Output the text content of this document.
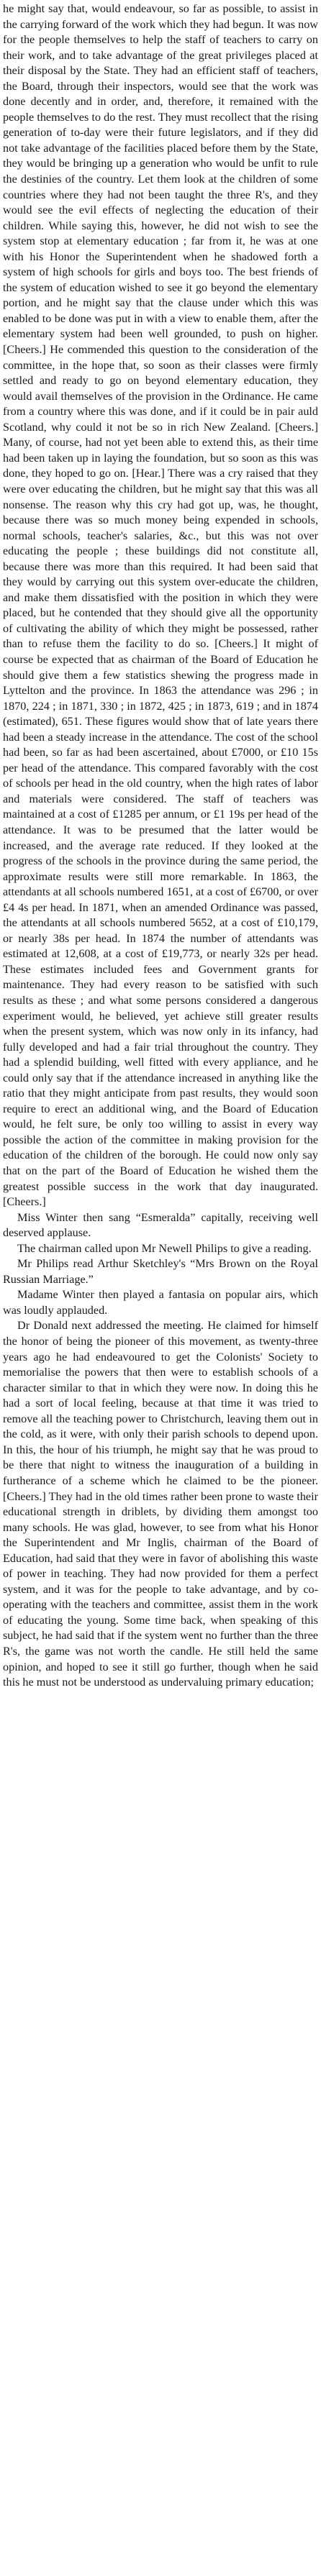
he might say that, would endeavour, so far as possible, to assist in the carrying forward of the work which they had begun. It was now for the people themselves to help the staff of teachers to carry on their work, and to take advantage of the great privileges placed at their disposal by the State. They had an efficient staff of teachers, the Board, through their inspectors, would see that the work was done decently and in order, and, therefore, it remained with the people themselves to do the rest. They must recollect that the rising generation of to-day were their future legislators, and if they did not take advantage of the facilities placed before them by the State, they would be bringing up a generation who would be unfit to rule the destinies of the country. Let them look at the children of some countries where they had not been taught the three R's, and they would see the evil effects of neglecting the education of their children. While saying this, however, he did not wish to see the system stop at elementary education ; far from it, he was at one with his Honor the Superintendent when he shadowed forth a system of high schools for girls and boys too. The best friends of the system of education wished to see it go beyond the elementary portion, and he might say that the clause under which this was enabled to be done was put in with a view to enable them, after the elementary system had been well grounded, to push on higher. [Cheers.] He commended this question to the consideration of the committee, in the hope that, so soon as their classes were firmly settled and ready to go on beyond elementary education, they would avail themselves of the provision in the Ordinance. He came from a country where this was done, and if it could be in pair auld Scotland, why could it not be so in rich New Zealand. [Cheers.] Many, of course, had not yet been able to extend this, as their time had been taken up in laying the foundation, but so soon as this was done, they hoped to go on. [Hear.] There was a cry raised that they were over educating the children, but he might say that this was all nonsense. The reason why this cry had got up, was, he thought, because there was so much money being expended in schools, normal schools, teacher's salaries, &c., but this was not over educating the people ; these buildings did not constitute all, because there was more than this required. It had been said that they would by carrying out this system over-educate the children, and make them dissatisfied with the position in which they were placed, but he contended that they should give all the opportunity of cultivating the ability of which they might be possessed, rather than to refuse them the facility to do so. [Cheers.] It might of course be expected that as chairman of the Board of Education he should give them a few statistics shewing the progress made in Lyttelton and the province. In 1863 the attendance was 296 ; in 1870, 224 ; in 1871, 330 ; in 1872, 425 ; in 1873, 619 ; and in 1874 (estimated), 651. These figures would show that of late years there had been a steady increase in the attendance. The cost of the school had been, so far as had been ascertained, about £7000, or £10 15s per head of the attendance. This compared favorably with the cost of schools per head in the old country, when the high rates of labor and materials were considered. The staff of teachers was maintained at a cost of £1285 per annum, or £1 19s per head of the attendance. It was to be presumed that the latter would be increased, and the average rate reduced. If they looked at the progress of the schools in the province during the same period, the approximate results were still more remarkable. In 1863, the attendants at all schools numbered 1651, at a cost of £6700, or over £4 4s per head. In 1871, when an amended Ordinance was passed, the attendants at all schools numbered 5652, at a cost of £10,179, or nearly 38s per head. In 1874 the number of attendants was estimated at 12,608, at a cost of £19,773, or nearly 32s per head. These estimates included fees and Government grants for maintenance. They had every reason to be satisfied with such results as these ; and what some persons considered a dangerous experiment would, he believed, yet achieve still greater results when the present system, which was now only in its infancy, had fully developed and had a fair trial throughout the country. They had a splendid building, well fitted with every appliance, and he could only say that if the attendance increased in anything like the ratio that they might anticipate from past results, they would soon require to erect an additional wing, and the Board of Education would, he felt sure, be only too willing to assist in every way possible the action of the committee in making provision for the education of the children of the borough. He could now only say that on the part of the Board of Education he wished them the greatest possible success in the work that day inaugurated. [Cheers.]

Miss Winter then sang “Esmeralda” capitally, receiving well deserved applause.

The chairman called upon Mr Newell Philips to give a reading.

Mr Philips read Arthur Sketchley's “Mrs Brown on the Royal Russian Marriage.”

Madame Winter then played a fantasia on popular airs, which was loudly applauded.

Dr Donald next addressed the meeting. He claimed for himself the honor of being the pioneer of this movement, as twenty-three years ago he had endeavoured to get the Colonists' Society to memorialise the powers that then were to establish schools of a character similar to that in which they were now. In doing this he had a sort of local feeling, because at that time it was tried to remove all the teaching power to Christchurch, leaving them out in the cold, as it were, with only their parish schools to depend upon. In this, the hour of his triumph, he might say that he was proud to be there that night to witness the inauguration of a building in furtherance of a scheme which he claimed to be the pioneer. [Cheers.] They had in the old times rather been prone to waste their educational strength in driblets, by dividing them amongst too many schools. He was glad, however, to see from what his Honor the Superintendent and Mr Inglis, chairman of the Board of Education, had said that they were in favor of abolishing this waste of power in teaching. They had now provided for them a perfect system, and it was for the people to take advantage, and by co-operating with the teachers and committee, assist them in the work of educating the young. Some time back, when speaking of this subject, he had said that if the system went no further than the three R's, the game was not worth the candle. He still held the same opinion, and hoped to see it still go further, though when he said this he must not be understood as undervaluing primary education;
